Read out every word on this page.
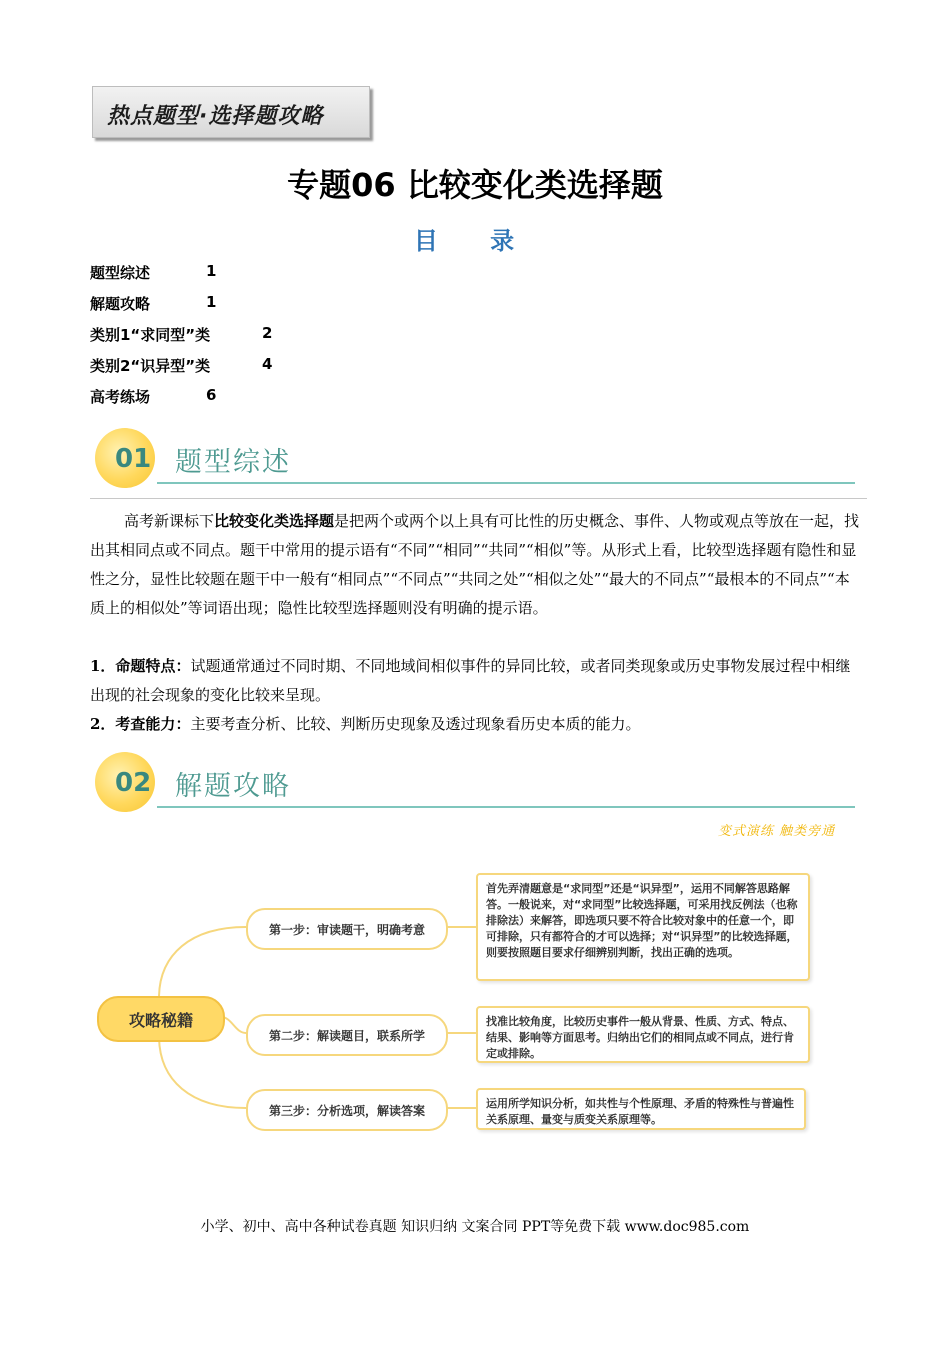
热点题型·选择题攻略
专题06 比较变化类选择题
目 录
题型综述	1
解题攻略	1
类别1“求同型”类	2
类别2“识异型”类	4
高考练场	6
01 题型综述
高考新课标下比较变化类选择题是把两个或两个以上具有可比性的历史概念、事件、人物或观点等放在一起，找出其相同点或不同点。题干中常用的提示语有“不同”“相同”“共同”“相似”等。从形式上看，比较型选择题有隐性和显性之分，显性比较题在题干中一般有“相同点”“不同点”“共同之处”“相似之处”“最大的不同点”“最根本的不同点”“本质上的相似处”等词语出现；隐性比较型选择题则没有明确的提示语。
1．命题特点：试题通常通过不同时期、不同地域间相似事件的异同比较，或者同类现象或历史事物发展过程中相继出现的社会现象的变化比较来呈现。
2．考查能力：主要考查分析、比较、判断历史现象及透过现象看历史本质的能力。
02 解题攻略
变式演练 触类旁通
攻略秘籍
第一步：审读题干，明确考意
第二步：解读题目，联系所学
第三步：分析选项，解读答案
首先弄清题意是“求同型”还是“识异型”，运用不同解答思路解答。一般说来，对“求同型”比较选择题，可采用找反例法（也称排除法）来解答，即选项只要不符合比较对象中的任意一个，即可排除，只有都符合的才可以选择；对“识异型”的比较选择题，则要按照题目要求仔细辨别判断，找出正确的选项。
找准比较角度，比较历史事件一般从背景、性质、方式、特点、结果、影响等方面思考。归纳出它们的相同点或不同点，进行肯定或排除。
运用所学知识分析，如共性与个性原理、矛盾的特殊性与普遍性关系原理、量变与质变关系原理等。
小学、初中、高中各种试卷真题 知识归纳 文案合同 PPT等免费下载 www.doc985.com
